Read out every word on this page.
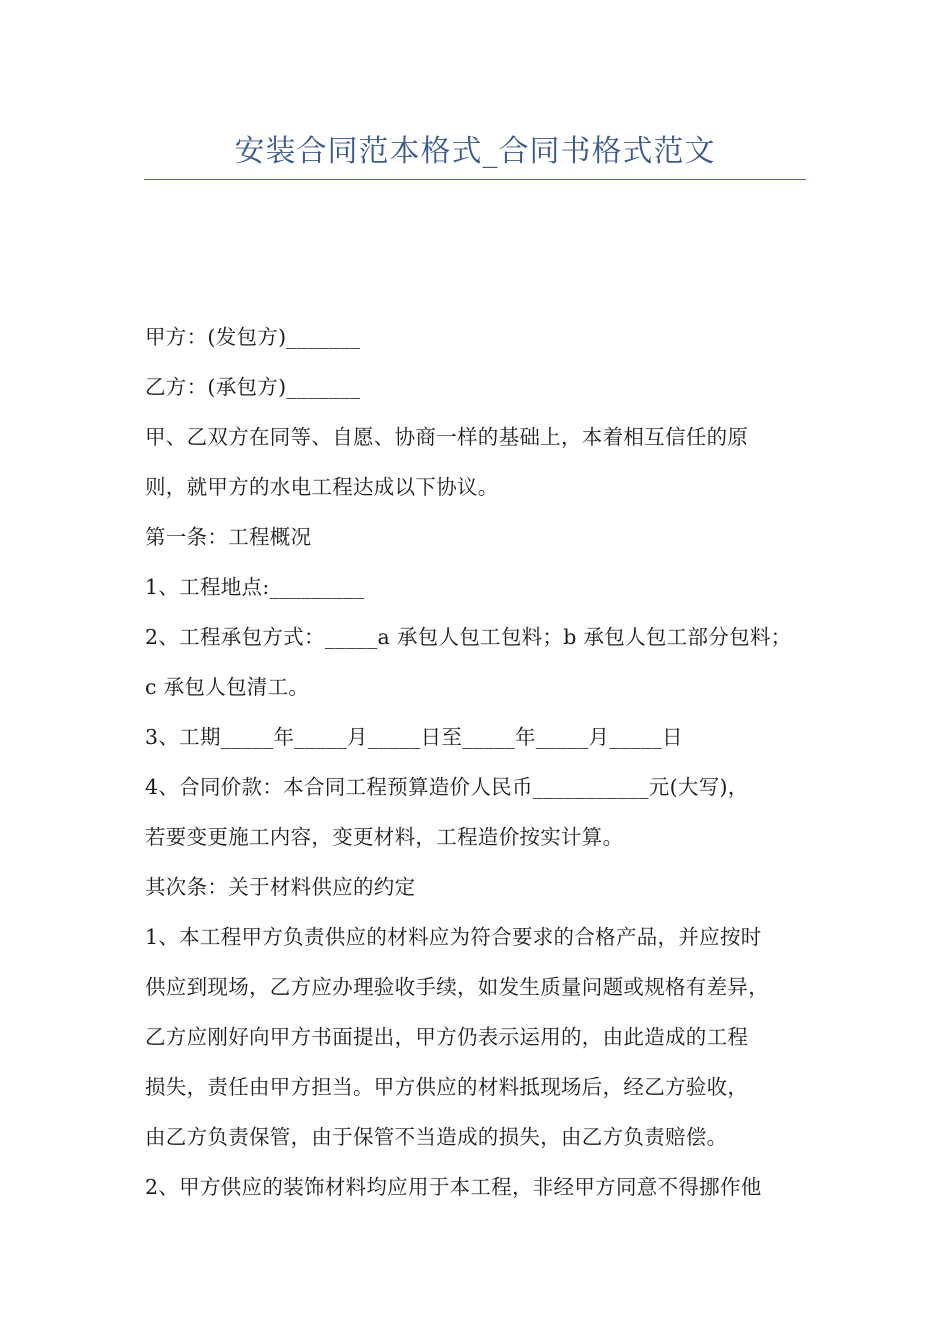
安装合同范本格式_合同书格式范文
甲方：(发包方)_______
乙方：(承包方)_______
甲、乙双方在同等、自愿、协商一样的基础上，本着相互信任的原
则，就甲方的水电工程达成以下协议。
第一条：工程概况
1、工程地点:_________
2、工程承包方式：_____a 承包人包工包料；b 承包人包工部分包料；
c 承包人包清工。
3、工期_____年_____月_____日至_____年_____月_____日
4、合同价款：本合同工程预算造价人民币___________元(大写)，
若要变更施工内容，变更材料，工程造价按实计算。
其次条：关于材料供应的约定
1、本工程甲方负责供应的材料应为符合要求的合格产品，并应按时
供应到现场，乙方应办理验收手续，如发生质量问题或规格有差异，
乙方应刚好向甲方书面提出，甲方仍表示运用的，由此造成的工程
损失，责任由甲方担当。甲方供应的材料抵现场后，经乙方验收，
由乙方负责保管，由于保管不当造成的损失，由乙方负责赔偿。
2、甲方供应的装饰材料均应用于本工程，非经甲方同意不得挪作他
